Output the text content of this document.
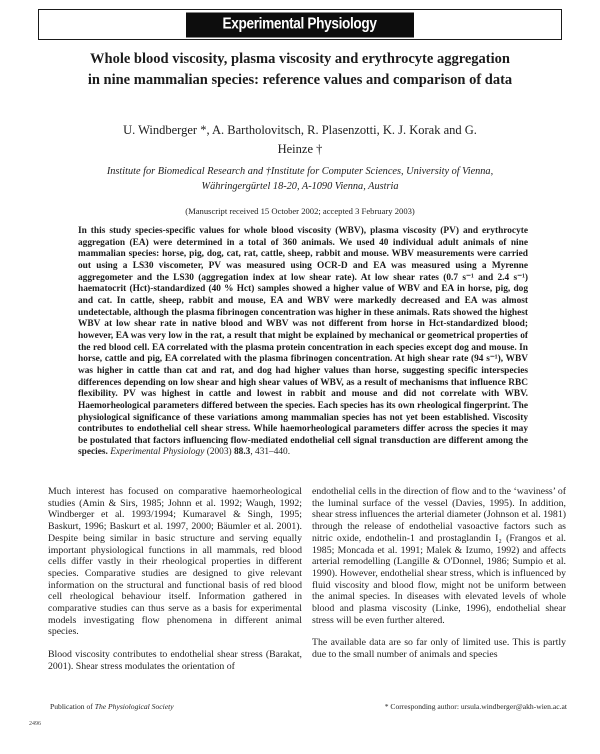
Experimental Physiology
Whole blood viscosity, plasma viscosity and erythrocyte aggregation in nine mammalian species: reference values and comparison of data
U. Windberger *, A. Bartholovitsch, R. Plasenzotti, K. J. Korak and G. Heinze †
Institute for Biomedical Research and †Institute for Computer Sciences, University of Vienna, Währingergürtel 18-20, A-1090 Vienna, Austria
(Manuscript received 15 October 2002; accepted 3 February 2003)
In this study species-specific values for whole blood viscosity (WBV), plasma viscosity (PV) and erythrocyte aggregation (EA) were determined in a total of 360 animals. We used 40 individual adult animals of nine mammalian species: horse, pig, dog, cat, rat, cattle, sheep, rabbit and mouse. WBV measurements were carried out using a LS30 viscometer, PV was measured using OCR-D and EA was measured using a Myrenne aggregometer and the LS30 (aggregation index at low shear rate). At low shear rates (0.7 s⁻¹ and 2.4 s⁻¹) haematocrit (Hct)-standardized (40 % Hct) samples showed a higher value of WBV and EA in horse, pig, dog and cat. In cattle, sheep, rabbit and mouse, EA and WBV were markedly decreased and EA was almost undetectable, although the plasma fibrinogen concentration was higher in these animals. Rats showed the highest WBV at low shear rate in native blood and WBV was not different from horse in Hct-standardized blood; however, EA was very low in the rat, a result that might be explained by mechanical or geometrical properties of the red blood cell. EA correlated with the plasma protein concentration in each species except dog and mouse. In horse, cattle and pig, EA correlated with the plasma fibrinogen concentration. At high shear rate (94 s⁻¹), WBV was higher in cattle than cat and rat, and dog had higher values than horse, suggesting specific interspecies differences depending on low shear and high shear values of WBV, as a result of mechanisms that influence RBC flexibility. PV was highest in cattle and lowest in rabbit and mouse and did not correlate with WBV. Haemorheological parameters differed between the species. Each species has its own rheological fingerprint. The physiological significance of these variations among mammalian species has not yet been established. Viscosity contributes to endothelial cell shear stress. While haemorheological parameters differ across the species it may be postulated that factors influencing flow-mediated endothelial cell signal transduction are different among the species. Experimental Physiology (2003) 88.3, 431–440.

Much interest has focused on comparative haemorheological studies (Amin & Sirs, 1985; Johnn et al. 1992; Waugh, 1992; Windberger et al. 1993/1994; Kumaravel & Singh, 1995; Baskurt, 1996; Baskurt et al. 1997, 2000; Bäumler et al. 2001). Despite being similar in basic structure and serving equally important physiological functions in all mammals, red blood cells differ vastly in their rheological properties in different species. Comparative studies are designed to give relevant information on the structural and functional basis of red blood cell rheological behaviour itself. Information gathered in comparative studies can thus serve as a basis for experimental models investigating flow phenomena in different animal species.

Blood viscosity contributes to endothelial shear stress (Barakat, 2001). Shear stress modulates the orientation of

endothelial cells in the direction of flow and to the ‘waviness’ of the luminal surface of the vessel (Davies, 1995). In addition, shear stress influences the arterial diameter (Johnson et al. 1981) through the release of endothelial vasoactive factors such as nitric oxide, endothelin-1 and prostaglandin I₂ (Frangos et al. 1985; Moncada et al. 1991; Malek & Izumo, 1992) and affects arterial remodelling (Langille & O'Donnel, 1986; Sumpio et al. 1990). However, endothelial shear stress, which is influenced by fluid viscosity and blood flow, might not be uniform between the animal species. In diseases with elevated levels of whole blood and plasma viscosity (Linke, 1996), endothelial shear stress will be even further altered.

The available data are so far only of limited use. This is partly due to the small number of animals and species

Publication of The Physiological Society	* Corresponding author: ursula.windberger@akh-wien.ac.at
2496
